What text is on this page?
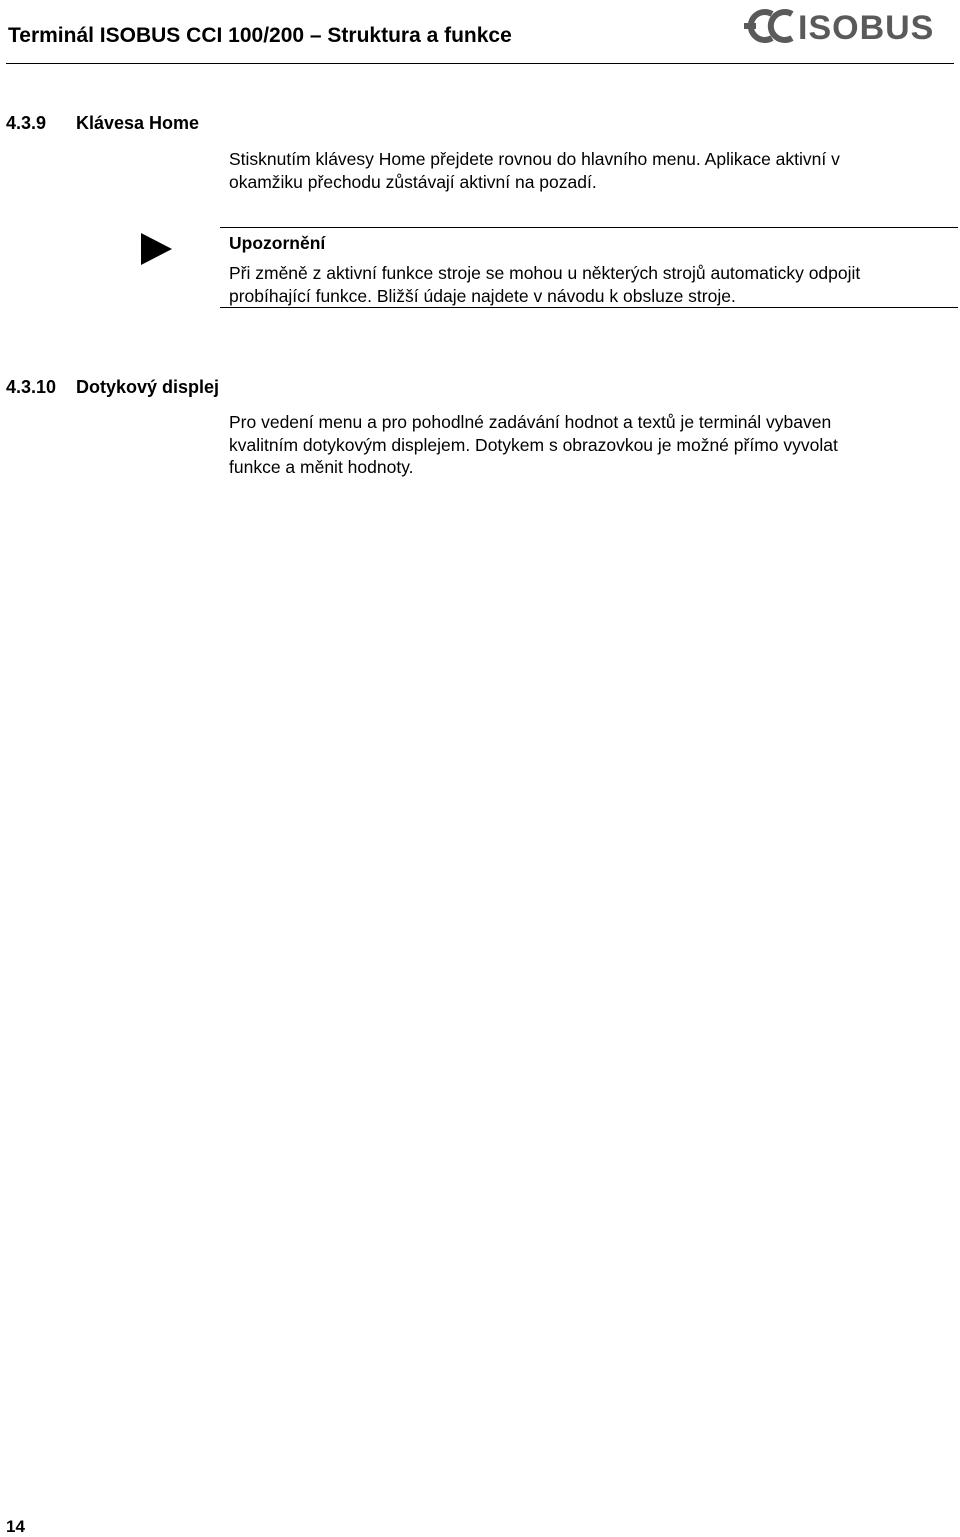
Terminál ISOBUS CCI 100/200 – Struktura a funkce	ISOBUS
4.3.9 Klávesa Home
Stisknutím klávesy Home přejdete rovnou do hlavního menu. Aplikace aktivní v
okamžiku přechodu zůstávají aktivní na pozadí.
Upozornění
Při změně z aktivní funkce stroje se mohou u některých strojů automaticky odpojit
probíhající funkce. Bližší údaje najdete v návodu k obsluze stroje.
4.3.10 Dotykový displej
Pro vedení menu a pro pohodlné zadávání hodnot a textů je terminál vybaven
kvalitním dotykovým displejem. Dotykem s obrazovkou je možné přímo vyvolat
funkce a měnit hodnoty.
14
